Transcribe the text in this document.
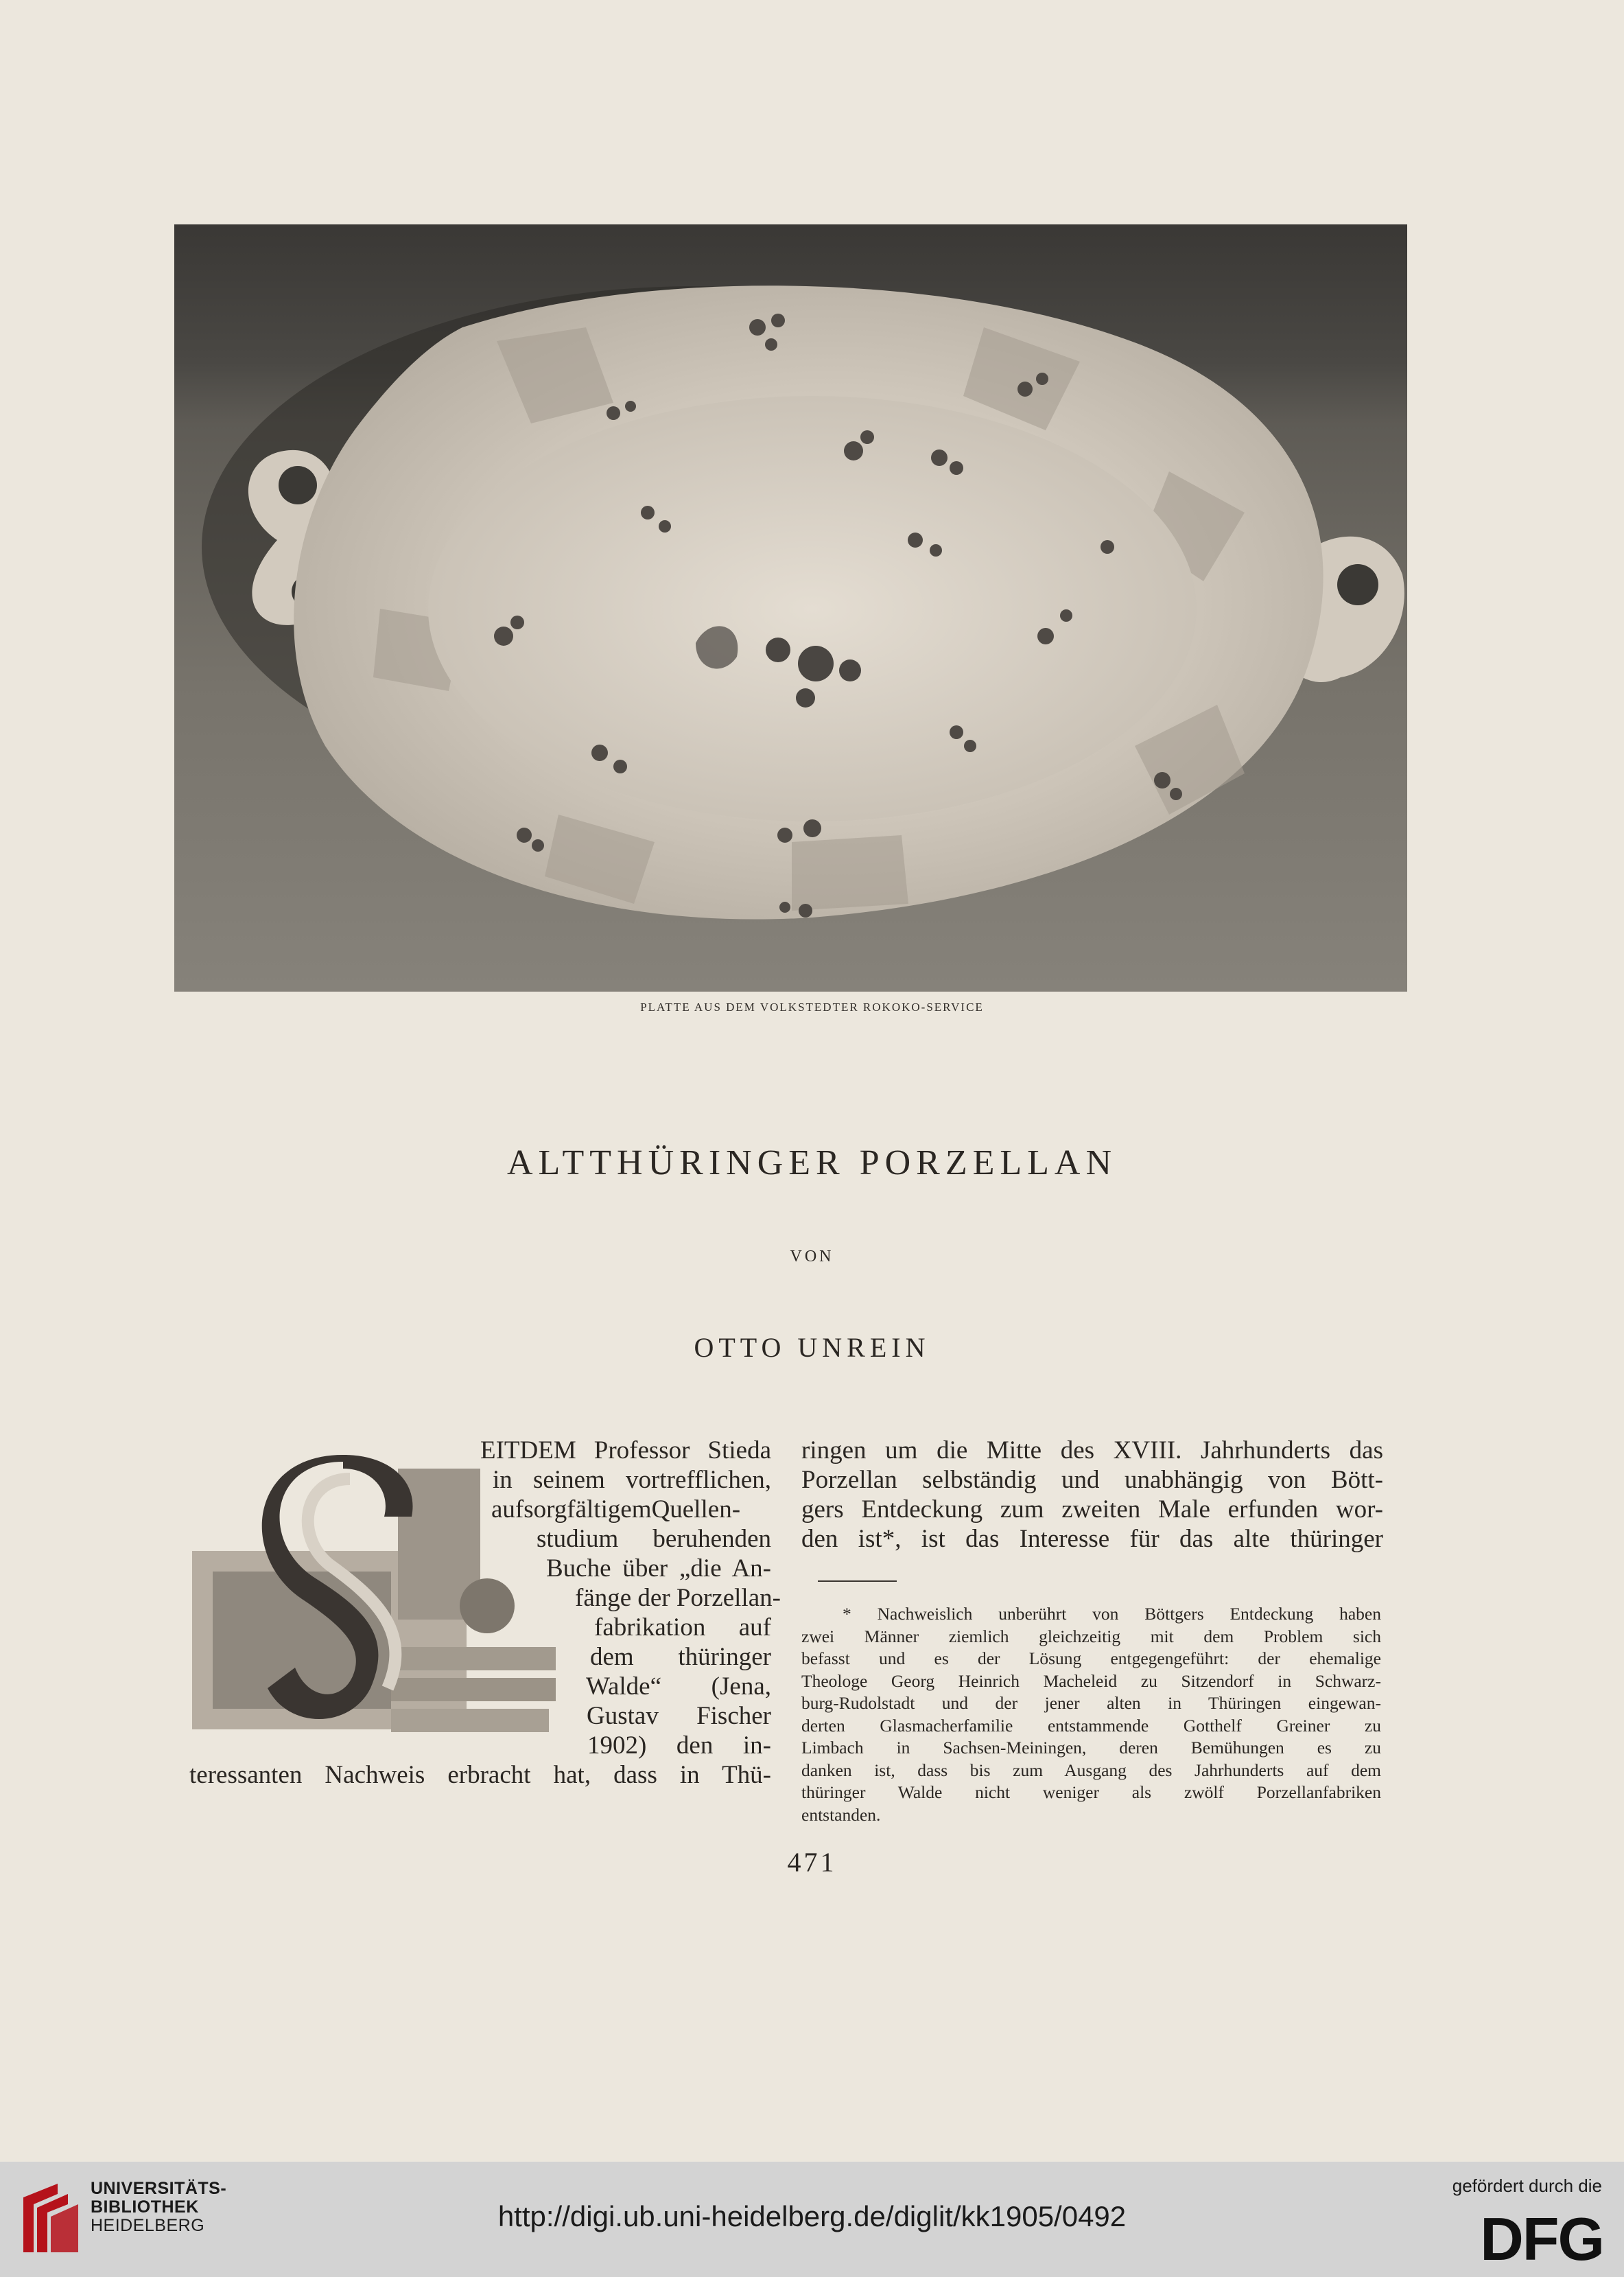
PLATTE AUS DEM VOLKSTEDTER ROKOKO-SERVICE
ALTTHÜRINGER PORZELLAN
VON
OTTO UNREIN
EITDEM Professor Stieda
in seinem vortrefflichen,
aufsorgfältigemQuellen-
studium beruhenden
Buche über „die An-
fänge der Porzellan-
fabrikation auf
dem thüringer
Walde“ (Jena,
Gustav Fischer
1902) den in-
teressanten Nachweis erbracht hat, dass in Thü-
ringen um die Mitte des XVIII. Jahrhunderts das
Porzellan selbständig und unabhängig von Bött-
gers Entdeckung zum zweiten Male erfunden wor-
den ist*, ist das Interesse für das alte thüringer
* Nachweislich unberührt von Böttgers Entdeckung haben
zwei Männer ziemlich gleichzeitig mit dem Problem sich
befasst und es der Lösung entgegengeführt: der ehemalige
Theologe Georg Heinrich Macheleid zu Sitzendorf in Schwarz-
burg-Rudolstadt und der jener alten in Thüringen eingewan-
derten Glasmacherfamilie entstammende Gotthelf Greiner zu
Limbach in Sachsen-Meiningen, deren Bemühungen es zu
danken ist, dass bis zum Ausgang des Jahrhunderts auf dem
thüringer Walde nicht weniger als zwölf Porzellanfabriken
entstanden.
471
UNIVERSITÄTS-
BIBLIOTHEK
HEIDELBERG	http://digi.ub.uni-heidelberg.de/diglit/kk1905/0492
gefördert durch die
DFG
